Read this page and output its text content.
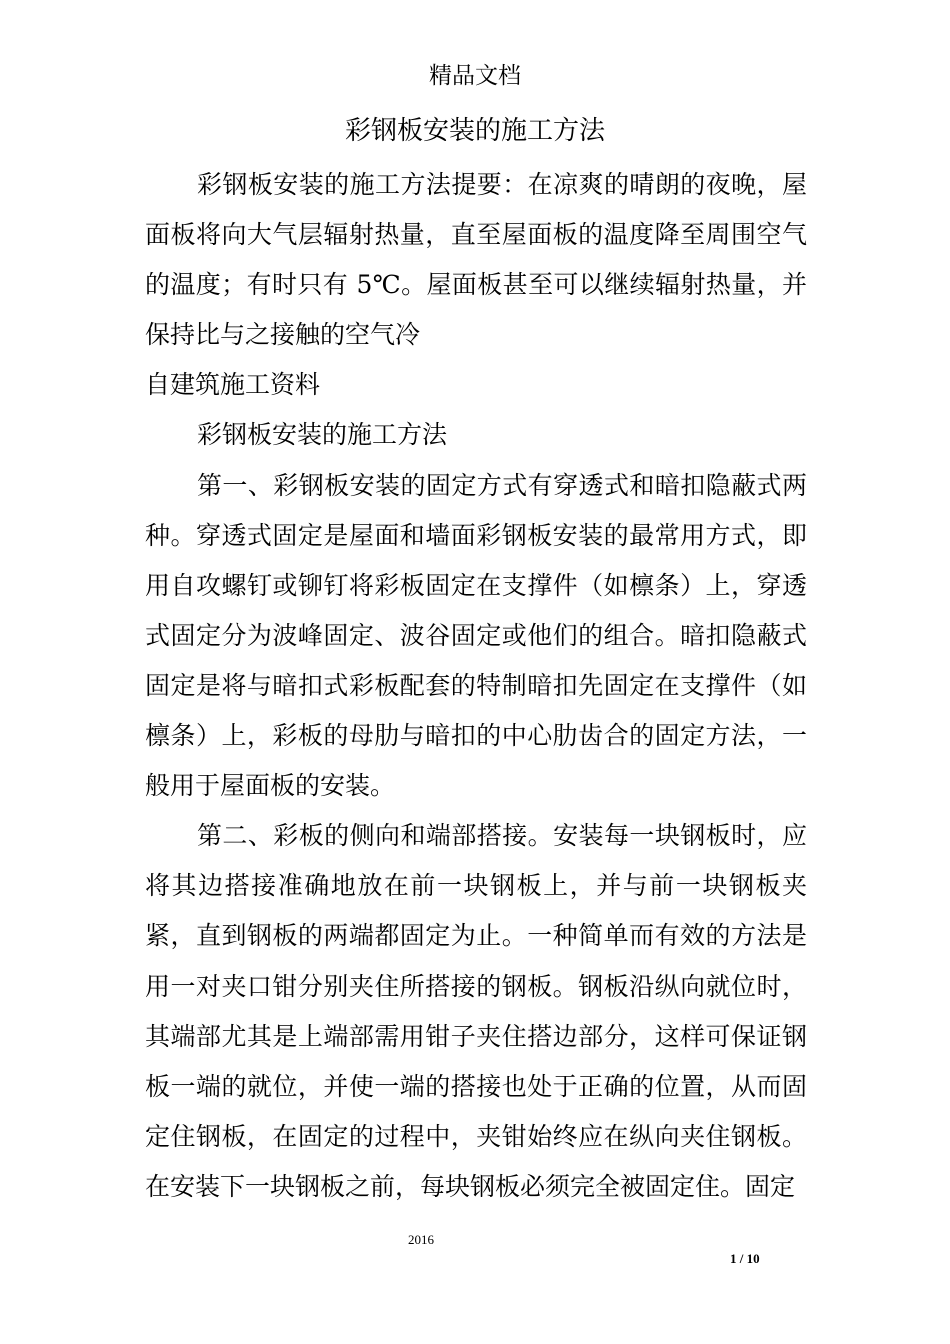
精品文档
彩钢板安装的施工方法

彩钢板安装的施工方法提要：在凉爽的晴朗的夜晚，屋面板将向大气层辐射热量，直至屋面板的温度降至周围空气的温度；有时只有 5℃。屋面板甚至可以继续辐射热量，并保持比与之接触的空气冷

自建筑施工资料

彩钢板安装的施工方法

第一、彩钢板安装的固定方式有穿透式和暗扣隐蔽式两种。穿透式固定是屋面和墙面彩钢板安装的最常用方式，即用自攻螺钉或铆钉将彩板固定在支撑件（如檩条）上，穿透式固定分为波峰固定、波谷固定或他们的组合。暗扣隐蔽式固定是将与暗扣式彩板配套的特制暗扣先固定在支撑件（如檩条）上，彩板的母肋与暗扣的中心肋齿合的固定方法，一般用于屋面板的安装。

第二、彩板的侧向和端部搭接。安装每一块钢板时，应将其边搭接准确地放在前一块钢板上，并与前一块钢板夹紧，直到钢板的两端都固定为止。一种简单而有效的方法是用一对夹口钳分别夹住所搭接的钢板。钢板沿纵向就位时，其端部尤其是上端部需用钳子夹住搭边部分，这样可保证钢板一端的就位，并使一端的搭接也处于正确的位置，从而固定住钢板，在固定的过程中，夹钳始终应在纵向夹住钢板。在安装下一块钢板之前，每块钢板必须完全被固定住。固定

2016
1 / 10
